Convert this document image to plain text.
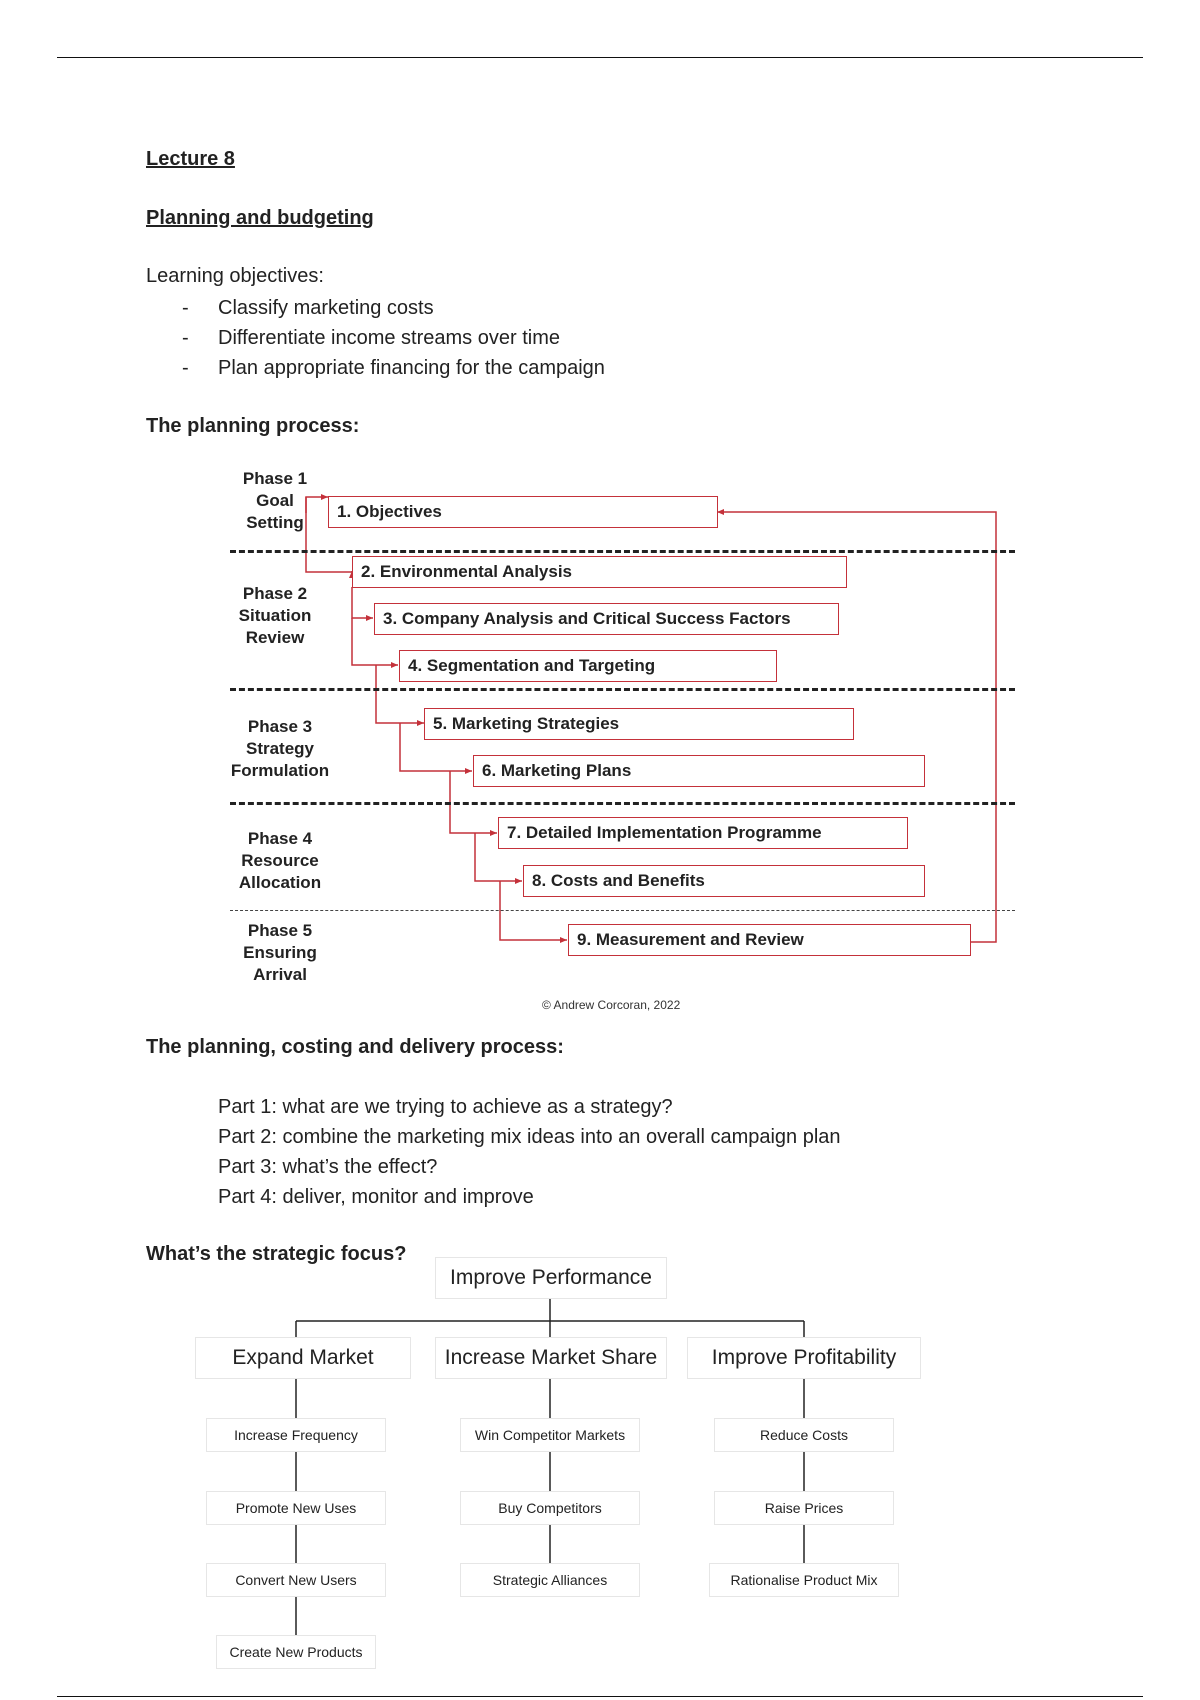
Lecture 8
Planning and budgeting
Learning objectives:
- Classify marketing costs
- Differentiate income streams over time
- Plan appropriate financing for the campaign
The planning process:
Phase 1
Goal
Setting
Phase 2
Situation
Review
Phase 3
Strategy
Formulation
Phase 4
Resource
Allocation
Phase 5
Ensuring
Arrival
1. Objectives
2. Environmental Analysis
3. Company Analysis and Critical Success Factors
4. Segmentation and Targeting
5. Marketing Strategies
6. Marketing Plans
7. Detailed Implementation Programme
8. Costs and Benefits
9. Measurement and Review
© Andrew Corcoran, 2022
The planning, costing and delivery process:
Part 1: what are we trying to achieve as a strategy?
Part 2: combine the marketing mix ideas into an overall campaign plan
Part 3: what’s the effect?
Part 4: deliver, monitor and improve
What’s the strategic focus?
Improve Performance
Expand Market	Increase Market Share	Improve Profitability
Increase Frequency
Promote New Uses
Convert New Users
Create New Products
Win Competitor Markets
Buy Competitors
Strategic Alliances
Reduce Costs
Raise Prices
Rationalise Product Mix
